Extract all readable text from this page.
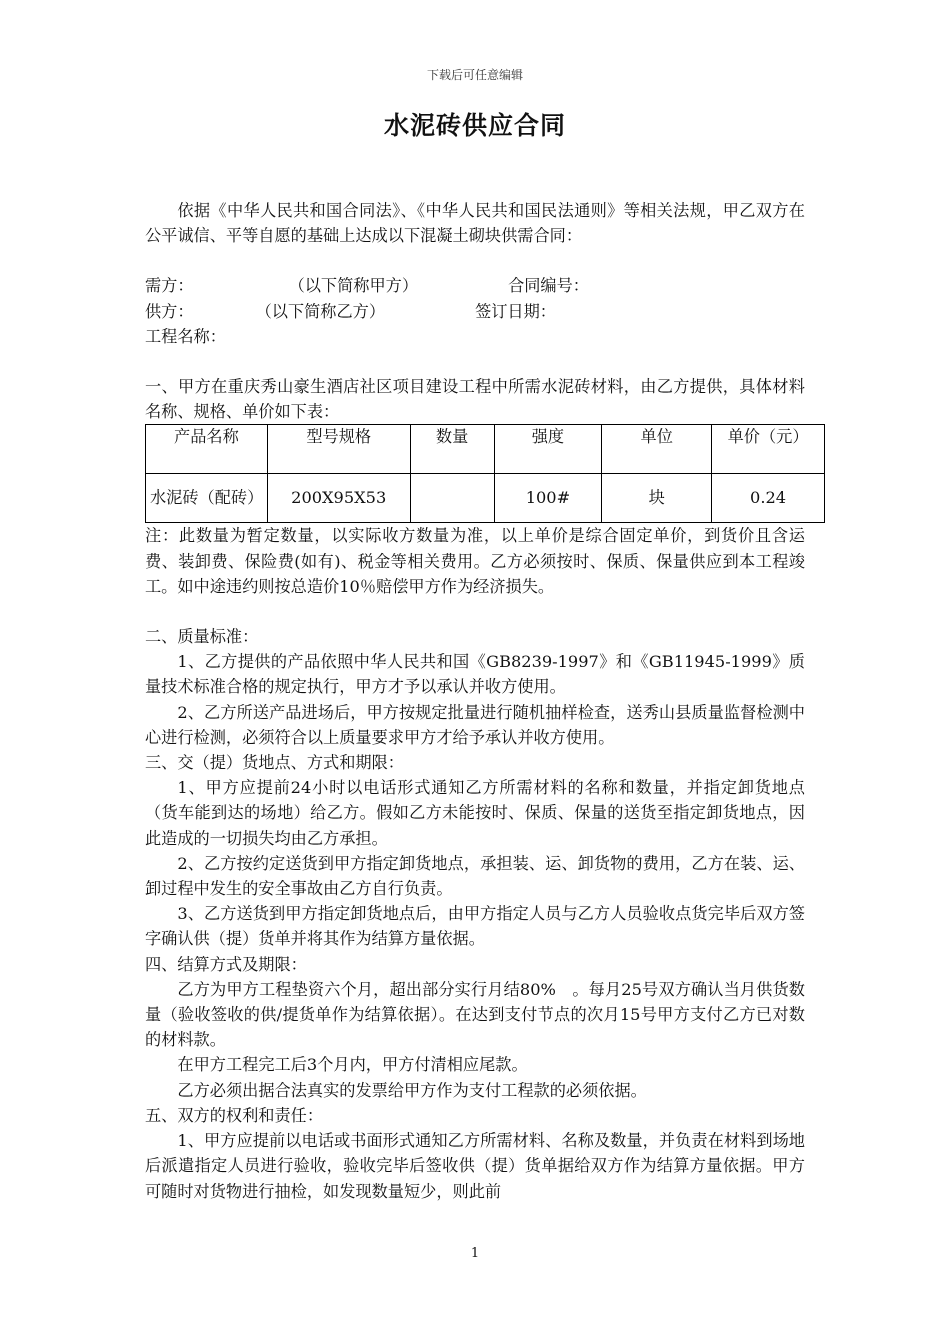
下载后可任意编辑
水泥砖供应合同

依据《中华人民共和国合同法》、《中华人民共和国民法通则》等相关法规，甲乙双方在公平诚信、平等自愿的基础上达成以下混凝土砌块供需合同：

需方：	（以下简称甲方）	合同编号：

供方：	（以下简称乙方）	签订日期：

工程名称：

一、甲方在重庆秀山豪生酒店社区项目建设工程中所需水泥砖材料，由乙方提供，具体材料名称、规格、单价如下表：

产品名称	型号规格	数量	强度	单位	单价（元）
水泥砖（配砖）	200X95X53		100#	块	0.24

注：此数量为暂定数量，以实际收方数量为准，以上单价是综合固定单价，到货价且含运费、装卸费、保险费(如有)、税金等相关费用。乙方必须按时、保质、保量供应到本工程竣工。如中途违约则按总造价10％赔偿甲方作为经济损失。

二、质量标准：

1、乙方提供的产品依照中华人民共和国《GB8239-1997》和《GB11945-1999》质量技术标准合格的规定执行，甲方才予以承认并收方使用。

2、乙方所送产品进场后，甲方按规定批量进行随机抽样检查，送秀山县质量监督检测中心进行检测，必须符合以上质量要求甲方才给予承认并收方使用。

三、交（提）货地点、方式和期限：

1、甲方应提前24小时以电话形式通知乙方所需材料的名称和数量，并指定卸货地点（货车能到达的场地）给乙方。假如乙方未能按时、保质、保量的送货至指定卸货地点，因此造成的一切损失均由乙方承担。

2、乙方按约定送货到甲方指定卸货地点，承担装、运、卸货物的费用，乙方在装、运、卸过程中发生的安全事故由乙方自行负责。

3、乙方送货到甲方指定卸货地点后，由甲方指定人员与乙方人员验收点货完毕后双方签字确认供（提）货单并将其作为结算方量依据。

四、结算方式及期限：

乙方为甲方工程垫资六个月，超出部分实行月结80%　。每月25号双方确认当月供货数量（验收签收的供/提货单作为结算依据）。在达到支付节点的次月15号甲方支付乙方已对数的材料款。

在甲方工程完工后3个月内，甲方付清相应尾款。

乙方必须出据合法真实的发票给甲方作为支付工程款的必须依据。

五、双方的权利和责任：

1、甲方应提前以电话或书面形式通知乙方所需材料、名称及数量，并负责在材料到场地后派遣指定人员进行验收，验收完毕后签收供（提）货单据给双方作为结算方量依据。甲方可随时对货物进行抽检，如发现数量短少，则此前

1
